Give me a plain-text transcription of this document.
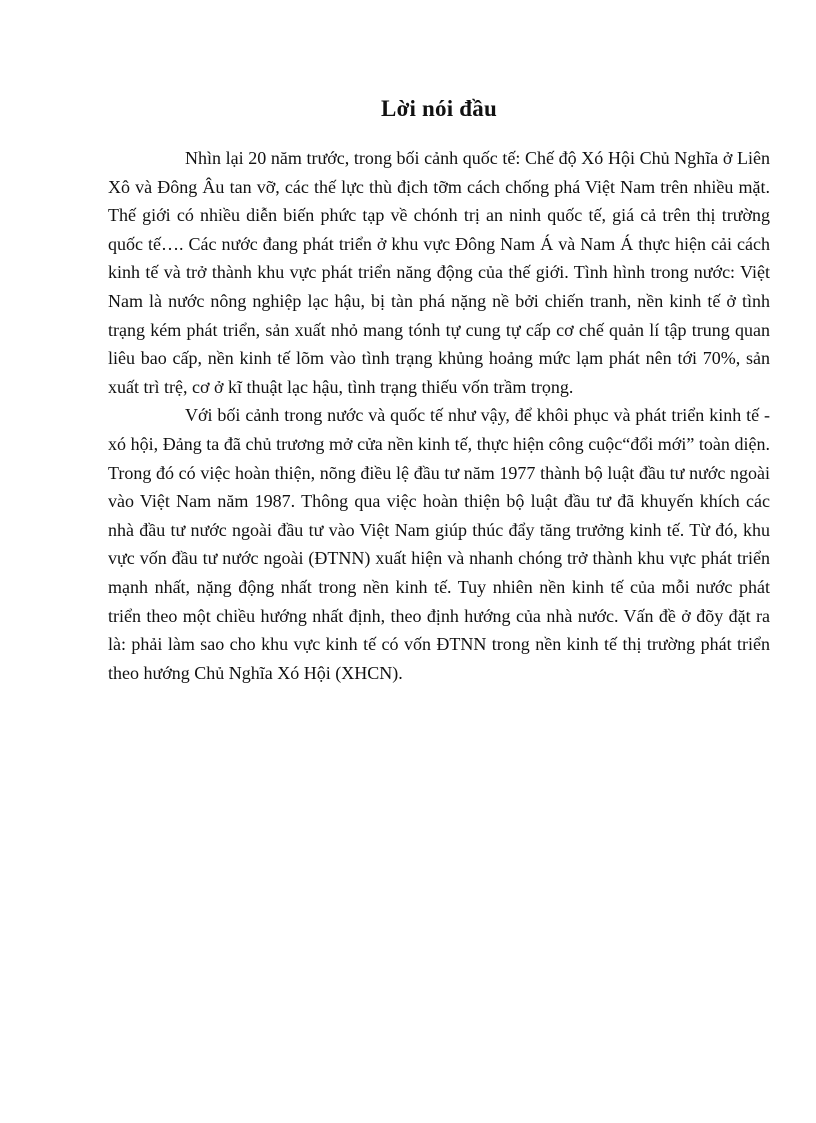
Lời nói đầu

Nhìn lại 20 năm trước, trong bối cảnh quốc tế: Chế độ Xó Hội Chủ Nghĩa ở Liên Xô và Đông Âu tan vỡ, các thế lực thù địch tỡm cách chống phá Việt Nam trên nhiều mặt. Thế giới có nhiều diễn biến phức tạp về chónh trị an ninh quốc tế, giá cả trên thị trường quốc tế…. Các nước đang phát triển ở khu vực Đông Nam Á và Nam Á thực hiện cải cách kinh tế và trở thành khu vực phát triển năng động của thế giới. Tình hình trong nước: Việt Nam là nước nông nghiệp lạc hậu, bị tàn phá nặng nề bởi chiến tranh, nền kinh tế ở tình trạng kém phát triển, sản xuất nhỏ mang tónh tự cung tự cấp cơ chế quản lí tập trung quan liêu bao cấp, nền kinh tế lõm vào tình trạng khủng hoảng mức lạm phát nên tới 70%, sản xuất trì trệ, cơ ở kĩ thuật lạc hậu, tình trạng thiếu vốn trầm trọng.

Với bối cảnh trong nước và quốc tế như vậy, để khôi phục và phát triển kinh tế - xó hội, Đảng ta đã chủ trương mở cửa nền kinh tế, thực hiện công cuộc“đổi mới” toàn diện. Trong đó có việc hoàn thiện, nõng điều lệ đầu tư năm 1977 thành bộ luật đầu tư nước ngoài vào Việt Nam năm 1987. Thông qua việc hoàn thiện bộ luật đầu tư đã khuyến khích các nhà đầu tư nước ngoài đầu tư vào Việt Nam giúp thúc đẩy tăng trưởng kinh tế. Từ đó, khu vực vốn đầu tư nước ngoài (ĐTNN) xuất hiện và nhanh chóng trở thành khu vực phát triển mạnh nhất, nặng động nhất trong nền kinh tế. Tuy nhiên nền kinh tế của mỗi nước phát triển theo một chiều hướng nhất định, theo định hướng của nhà nước. Vấn đề ở đõy đặt ra là: phải làm sao cho khu vực kinh tế có vốn ĐTNN trong nền kinh tế thị trường phát triển theo hướng Chủ Nghĩa Xó Hội (XHCN).
